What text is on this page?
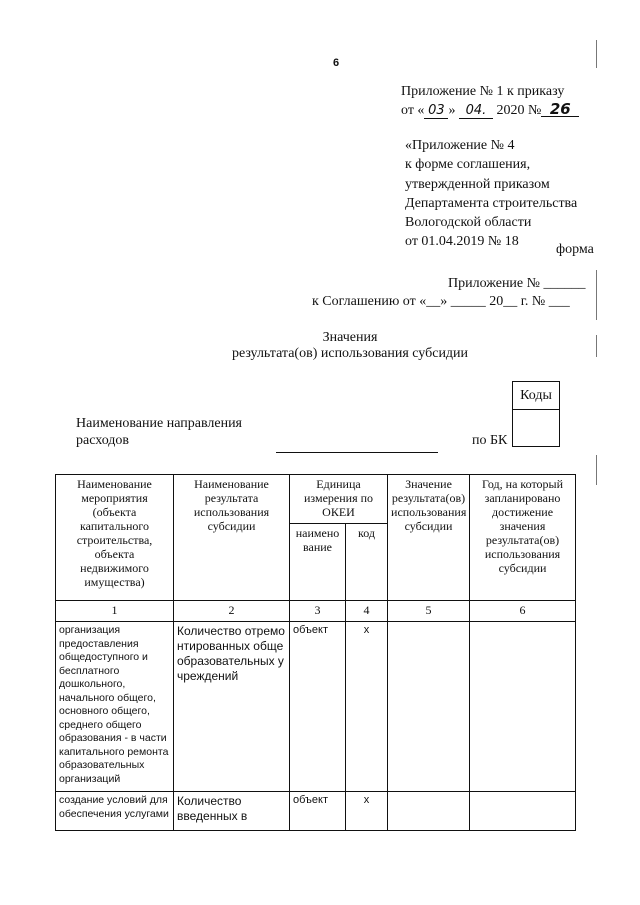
6
Приложение № 1 к приказу
от « 03 » 04. 2020 № 26
«Приложение № 4
к форме соглашения,
утвержденной приказом
Департамента строительства
Вологодской области
от 01.04.2019 № 18
форма
Приложение № ______
к Соглашению от «__» _____ 20__ г. № ___
Значения
результата(ов) использования субсидии
Коды
Наименование направления
расходов	по БК
Наименование мероприятия (объекта капитального строительства, объекта недвижимого имущества)	Наименование результата использования субсидии	Единица измерения по ОКЕИ		Значение результата(ов) использования субсидии	Год, на который запланировано достижение значения результата(ов) использования субсидии
		наименование	код		
1	2	3	4	5	6
организация предоставления общедоступного и бесплатного дошкольного, начального общего, основного общего, среднего общего образования - в части капитального ремонта образовательных организаций	Количество отремонтированных общеобразовательных учреждений	объект	х		
создание условий для обеспечения услугами	Количество введенных в	объект	х		
